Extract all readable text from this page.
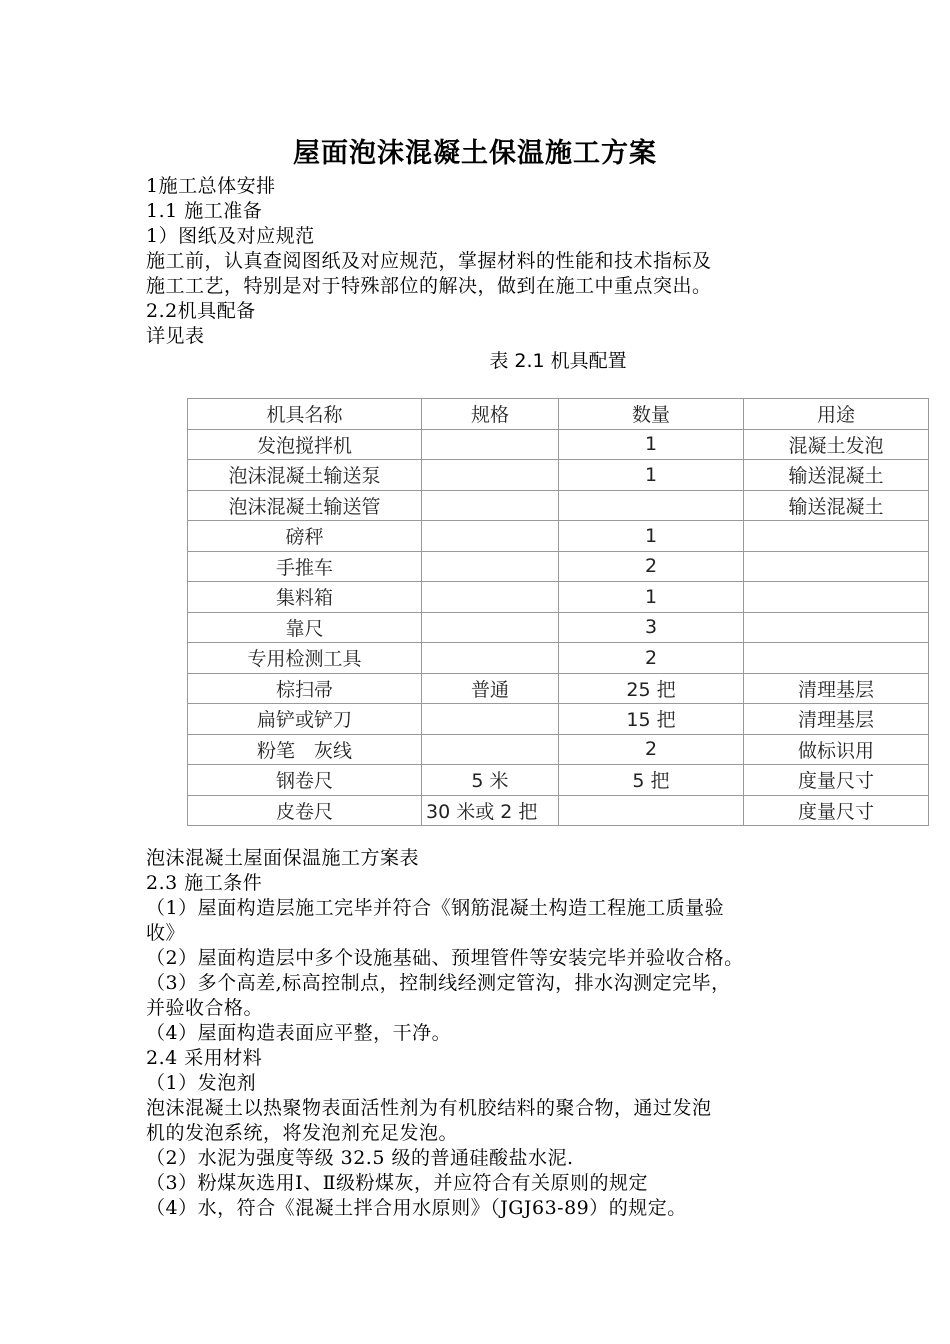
屋面泡沫混凝土保温施工方案
1施工总体安排
1.1 施工准备
1）图纸及对应规范
施工前，认真查阅图纸及对应规范，掌握材料的性能和技术指标及
施工工艺，特别是对于特殊部位的解决，做到在施工中重点突出。
2.2机具配备
详见表
表 2.1 机具配置
机具名称	规格	数量	用途
发泡搅拌机		1	混凝土发泡
泡沫混凝土输送泵		1	输送混凝土
泡沫混凝土输送管			输送混凝土
磅秤		1	
手推车		2	
集料箱		1	
靠尺		3	
专用检测工具		2	
棕扫帚	普通	25 把	清理基层
扁铲或铲刀		15 把	清理基层
粉笔　灰线		2	做标识用
钢卷尺	5 米	5 把	度量尺寸
皮卷尺	30 米或 2 把		度量尺寸
泡沫混凝土屋面保温施工方案表
2.3 施工条件
（1）屋面构造层施工完毕并符合《钢筋混凝土构造工程施工质量验
收》
（2）屋面构造层中多个设施基础、预埋管件等安装完毕并验收合格。
（3）多个高差,标高控制点，控制线经测定管沟，排水沟测定完毕，
并验收合格。
（4）屋面构造表面应平整，干净。
2.4 采用材料
（1）发泡剂
泡沫混凝土以热聚物表面活性剂为有机胶结料的聚合物，通过发泡
机的发泡系统，将发泡剂充足发泡。
（2）水泥为强度等级 32.5 级的普通硅酸盐水泥.
（3）粉煤灰选用Ⅰ、Ⅱ级粉煤灰，并应符合有关原则的规定
（4）水，符合《混凝土拌合用水原则》（JGJ63-89）的规定。
